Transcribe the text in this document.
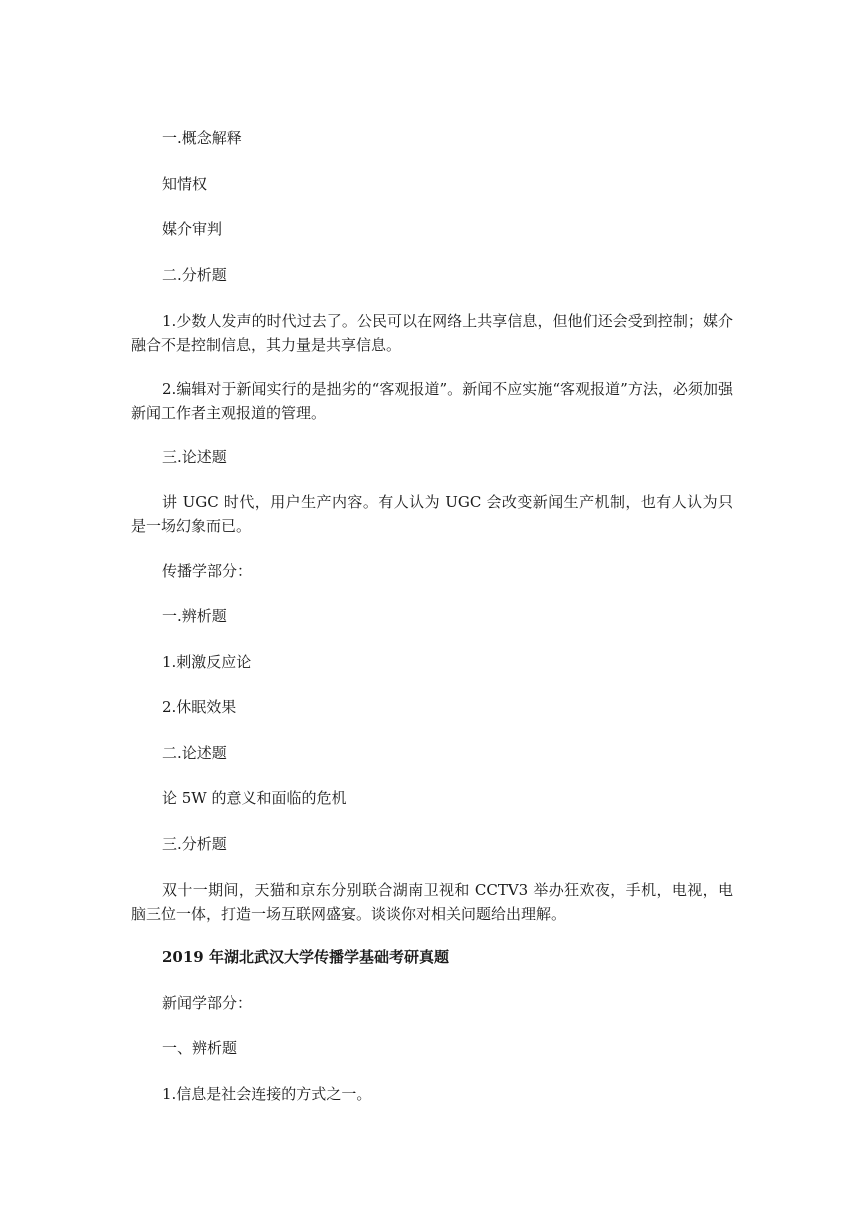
一.概念解释

知情权

媒介审判

二.分析题

1.少数人发声的时代过去了。公民可以在网络上共享信息，但他们还会受到控制；媒介融合不是控制信息，其力量是共享信息。

2.编辑对于新闻实行的是拙劣的“客观报道”。新闻不应实施“客观报道”方法，必须加强新闻工作者主观报道的管理。

三.论述题

讲 UGC 时代，用户生产内容。有人认为 UGC 会改变新闻生产机制，也有人认为只是一场幻象而已。

传播学部分：

一.辨析题

1.刺激反应论

2.休眠效果

二.论述题

论 5W 的意义和面临的危机

三.分析题

双十一期间，天猫和京东分别联合湖南卫视和 CCTV3 举办狂欢夜，手机，电视，电脑三位一体，打造一场互联网盛宴。谈谈你对相关问题给出理解。

2019 年湖北武汉大学传播学基础考研真题

新闻学部分：

一、辨析题

1.信息是社会连接的方式之一。
